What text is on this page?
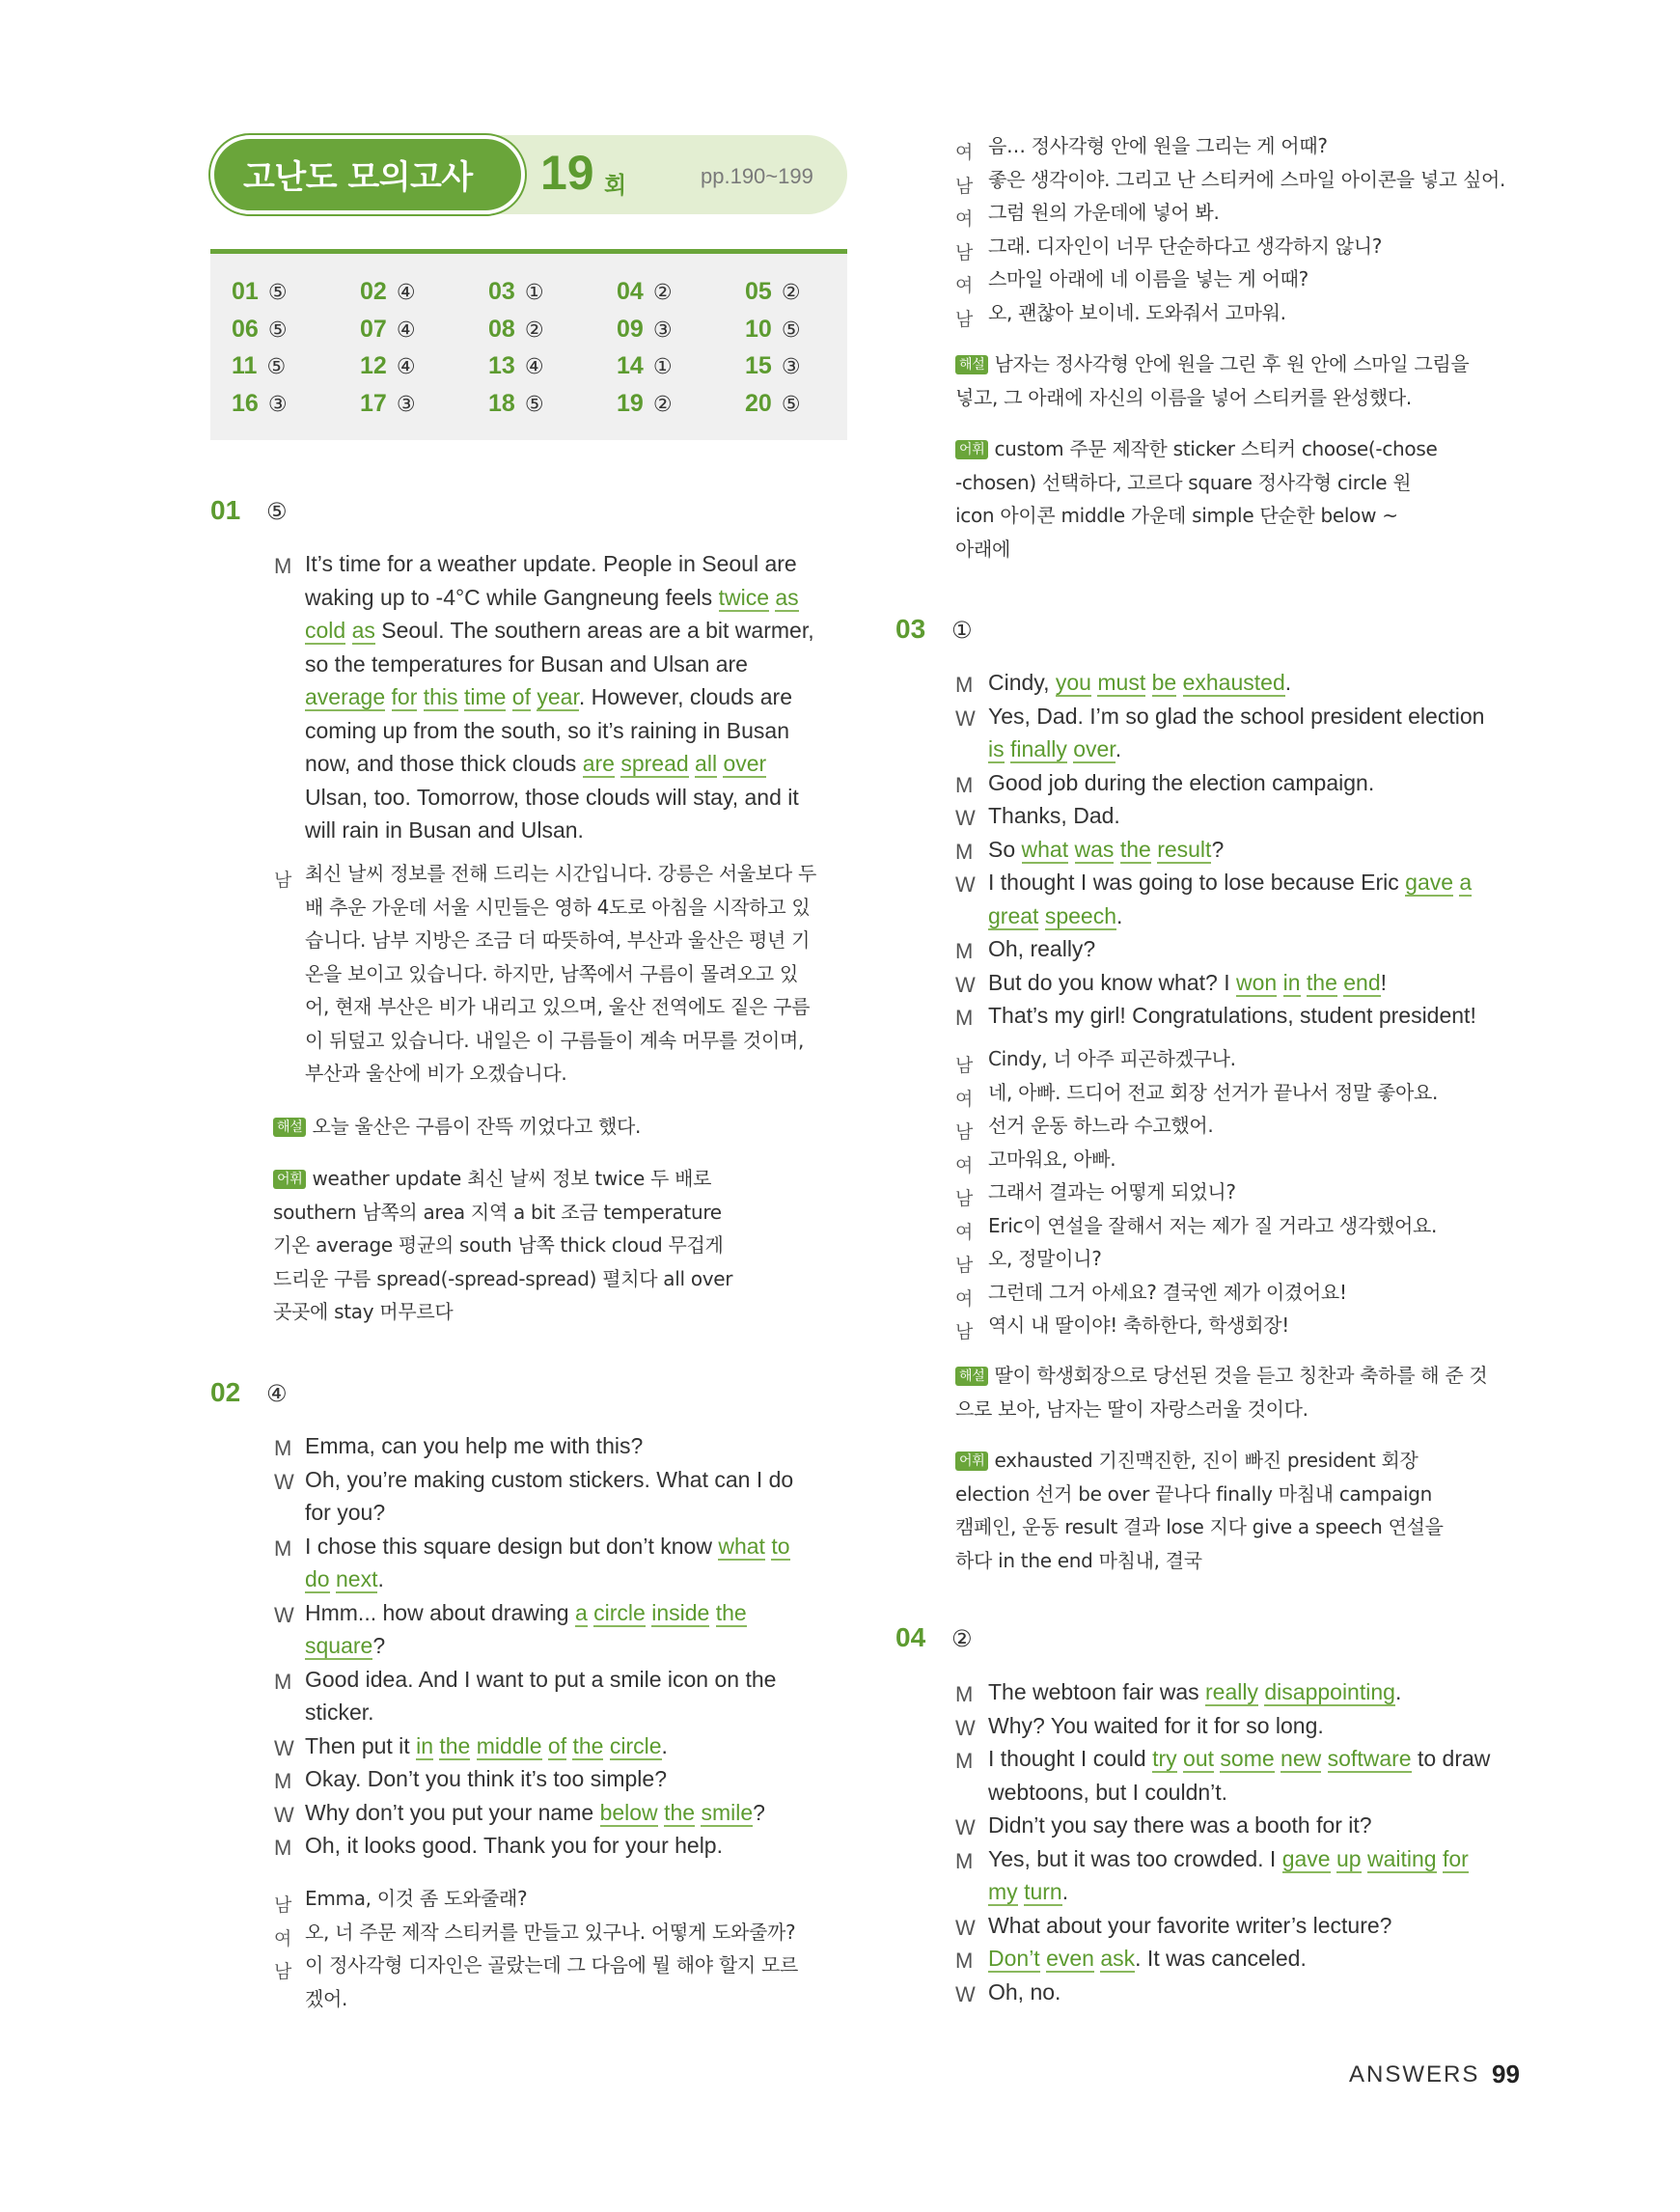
고난도 모의고사 19 회	pp.190~199
01 ⑤	02 ④	03 ①	04 ②	05 ②
06 ⑤	07 ④	08 ②	09 ③	10 ⑤
11 ⑤	12 ④	13 ④	14 ①	15 ③
16 ③	17 ③	18 ⑤	19 ②	20 ⑤
ANSWERS 99
01 ⑤
M It’s time for a weather update. People in Seoul are
waking up to -4°C while Gangneung feels twice as
cold as Seoul. The southern areas are a bit warmer,
so the temperatures for Busan and Ulsan are
average for this time of year. However, clouds are
coming up from the south, so it’s raining in Busan
now, and those thick clouds are spread all over
Ulsan, too. Tomorrow, those clouds will stay, and it
will rain in Busan and Ulsan.
남 최신 날씨 정보를 전해 드리는 시간입니다. 강릉은 서울보다 두
배 추운 가운데 서울 시민들은 영하 4도로 아침을 시작하고 있
습니다. 남부 지방은 조금 더 따뜻하여, 부산과 울산은 평년 기
온을 보이고 있습니다. 하지만, 남쪽에서 구름이 몰려오고 있
어, 현재 부산은 비가 내리고 있으며, 울산 전역에도 짙은 구름
이 뒤덮고 있습니다. 내일은 이 구름들이 계속 머무를 것이며,
부산과 울산에 비가 오겠습니다.
해설 오늘 울산은 구름이 잔뜩 끼었다고 했다.
어휘 weather update 최신 날씨 정보 twice 두 배로
southern 남쪽의 area 지역 a bit 조금 temperature
기온 average 평균의 south 남쪽 thick cloud 무겁게
드리운 구름 spread(-spread-spread) 펼치다 all over
곳곳에 stay 머무르다
02 ④
M Emma, can you help me with this?
W Oh, you’re making custom stickers. What can I do
for you?
M I chose this square design but don’t know what to
do next.
W Hmm... how about drawing a circle inside the
square?
M Good idea. And I want to put a smile icon on the
sticker.
W Then put it in the middle of the circle.
M Okay. Don’t you think it’s too simple?
W Why don’t you put your name below the smile?
M Oh, it looks good. Thank you for your help.
남 Emma, 이것 좀 도와줄래?
여 오, 너 주문 제작 스티커를 만들고 있구나. 어떻게 도와줄까?
남 이 정사각형 디자인은 골랐는데 그 다음에 뭘 해야 할지 모르
겠어.
여 음… 정사각형 안에 원을 그리는 게 어때?
남 좋은 생각이야. 그리고 난 스티커에 스마일 아이콘을 넣고 싶어.
여 그럼 원의 가운데에 넣어 봐.
남 그래. 디자인이 너무 단순하다고 생각하지 않니?
여 스마일 아래에 네 이름을 넣는 게 어때?
남 오, 괜찮아 보이네. 도와줘서 고마워.
해설 남자는 정사각형 안에 원을 그린 후 원 안에 스마일 그림을
넣고, 그 아래에 자신의 이름을 넣어 스티커를 완성했다.
어휘 custom 주문 제작한 sticker 스티커 choose(-chose
-chosen) 선택하다, 고르다 square 정사각형 circle 원
icon 아이콘 middle 가운데 simple 단순한 below ~
아래에
03 ①
M Cindy, you must be exhausted.
W Yes, Dad. I’m so glad the school president election
is finally over.
M Good job during the election campaign.
W Thanks, Dad.
M So what was the result?
W I thought I was going to lose because Eric gave a
great speech.
M Oh, really?
W But do you know what? I won in the end!
M That’s my girl! Congratulations, student president!
남 Cindy, 너 아주 피곤하겠구나.
여 네, 아빠. 드디어 전교 회장 선거가 끝나서 정말 좋아요.
남 선거 운동 하느라 수고했어.
여 고마워요, 아빠.
남 그래서 결과는 어떻게 되었니?
여 Eric이 연설을 잘해서 저는 제가 질 거라고 생각했어요.
남 오, 정말이니?
여 그런데 그거 아세요? 결국엔 제가 이겼어요!
남 역시 내 딸이야! 축하한다, 학생회장!
해설 딸이 학생회장으로 당선된 것을 듣고 칭찬과 축하를 해 준 것
으로 보아, 남자는 딸이 자랑스러울 것이다.
어휘 exhausted 기진맥진한, 진이 빠진 president 회장
election 선거 be over 끝나다 finally 마침내 campaign
캠페인, 운동 result 결과 lose 지다 give a speech 연설을
하다 in the end 마침내, 결국
04 ②
M The webtoon fair was really disappointing.
W Why? You waited for it for so long.
M I thought I could try out some new software to draw
webtoons, but I couldn’t.
W Didn’t you say there was a booth for it?
M Yes, but it was too crowded. I gave up waiting for
my turn.
W What about your favorite writer’s lecture?
M Don’t even ask. It was canceled.
W Oh, no.
